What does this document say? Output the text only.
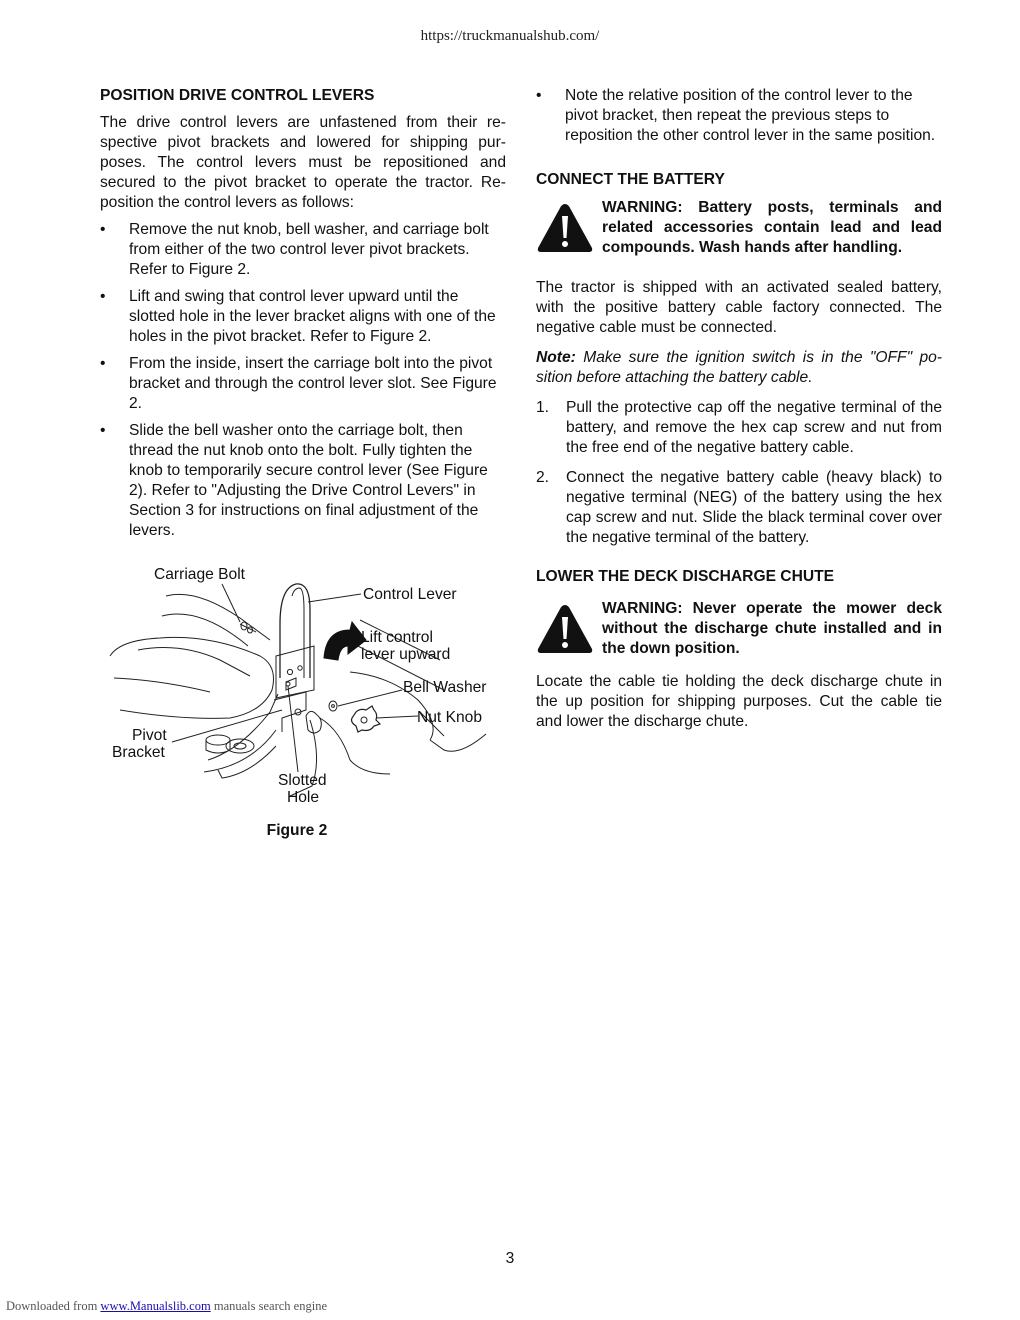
https://truckmanualshub.com/
POSITION DRIVE CONTROL LEVERS

The drive control levers are unfastened from their re-spective pivot brackets and lowered for shipping pur-poses. The control levers must be repositioned and secured to the pivot bracket to operate the tractor. Re-position the control levers as follows:

• Remove the nut knob, bell washer, and carriage bolt from either of the two control lever pivot brackets. Refer to Figure 2.
• Lift and swing that control lever upward until the slotted hole in the lever bracket aligns with one of the holes in the pivot bracket. Refer to Figure 2.
• From the inside, insert the carriage bolt into the pivot bracket and through the control lever slot. See Figure 2.
• Slide the bell washer onto the carriage bolt, then thread the nut knob onto the bolt. Fully tighten the knob to temporarily secure control lever (See Figure 2). Refer to "Adjusting the Drive Control Levers" in Section 3 for instructions on final adjustment of the levers.
Carriage Bolt
Control Lever
Lift control
lever upward
Bell Washer
Nut Knob
Pivot
Bracket
Slotted
Hole
Figure 2
• Note the relative position of the control lever to the pivot bracket, then repeat the previous steps to reposition the other control lever in the same position.
CONNECT THE BATTERY
WARNING: Battery posts, terminals and related accessories contain lead and lead compounds. Wash hands after handling.

The tractor is shipped with an activated sealed battery, with the positive battery cable factory connected. The negative cable must be connected.

Note: Make sure the ignition switch is in the "OFF" po-sition before attaching the battery cable.

1. Pull the protective cap off the negative terminal of the battery, and remove the hex cap screw and nut from the free end of the negative battery cable.
2. Connect the negative battery cable (heavy black) to negative terminal (NEG) of the battery using the hex cap screw and nut. Slide the black terminal cover over the negative terminal of the battery.
LOWER THE DECK DISCHARGE CHUTE
WARNING: Never operate the mower deck without the discharge chute installed and in the down position.

Locate the cable tie holding the deck discharge chute in the up position for shipping purposes. Cut the cable tie and lower the discharge chute.

3
Downloaded from www.Manualslib.com manuals search engine
